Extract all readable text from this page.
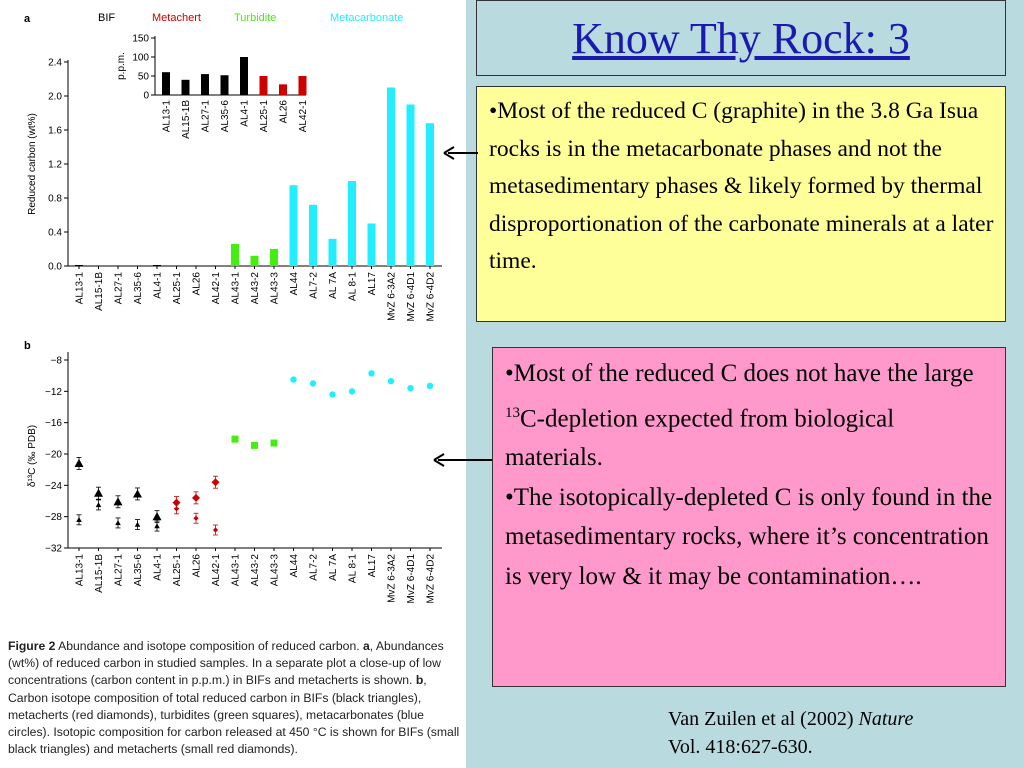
a	BIF	Metachert	Turbidite	Metacarbonate
0.0
0.4
0.8
1.2
1.6
2.0
2.4
Reduced carbon (wt%)
AL13-1 AL15-1B AL27-1 AL35-6 AL4-1 AL25-1 AL26 AL42-1 AL43-1 AL43-2 AL43-3 AL44 AL7-2 AL 7A AL 8-1 AL17 MvZ 6-3A2 MvZ 6-4D1 MvZ 6-4D2
0
50
100
150
p.p.m.
AL13-1 AL15-1B AL27-1 AL35-6 AL4-1 AL25-1 AL26 AL42-1
b
−8
−12
−16
−20
−24
−28
−32
δ¹³C (‰ PDB)
AL13-1 AL15-1B AL27-1 AL35-6 AL4-1 AL25-1 AL26 AL42-1 AL43-1 AL43-2 AL43-3 AL44 AL7-2 AL 7A AL 8-1 AL17 MvZ 6-3A2 MvZ 6-4D1 MvZ 6-4D2
Figure 2 Abundance and isotope composition of reduced carbon. a, Abundances (wt%) of reduced carbon in studied samples. In a separate plot a close-up of low concentrations (carbon content in p.p.m.) in BIFs and metacherts is shown. b, Carbon isotope composition of total reduced carbon in BIFs (black triangles), metacherts (red diamonds), turbidites (green squares), metacarbonates (blue circles). Isotopic composition for carbon released at 450 °C is shown for BIFs (small black triangles) and metacherts (small red diamonds).
Know Thy Rock: 3
•Most of the reduced C (graphite) in the 3.8 Ga Isua rocks is in the metacarbonate phases and not the metasedimentary phases & likely formed by thermal disproportionation of the carbonate minerals at a later time.
•Most of the reduced C does not have the large $^{13}$C-depletion expected from biological materials.
•The isotopically-depleted C is only found in the metasedimentary rocks, where it’s concentration is very low & it may be contamination….
Van Zuilen et al (2002) Nature
Vol. 418:627-630.
